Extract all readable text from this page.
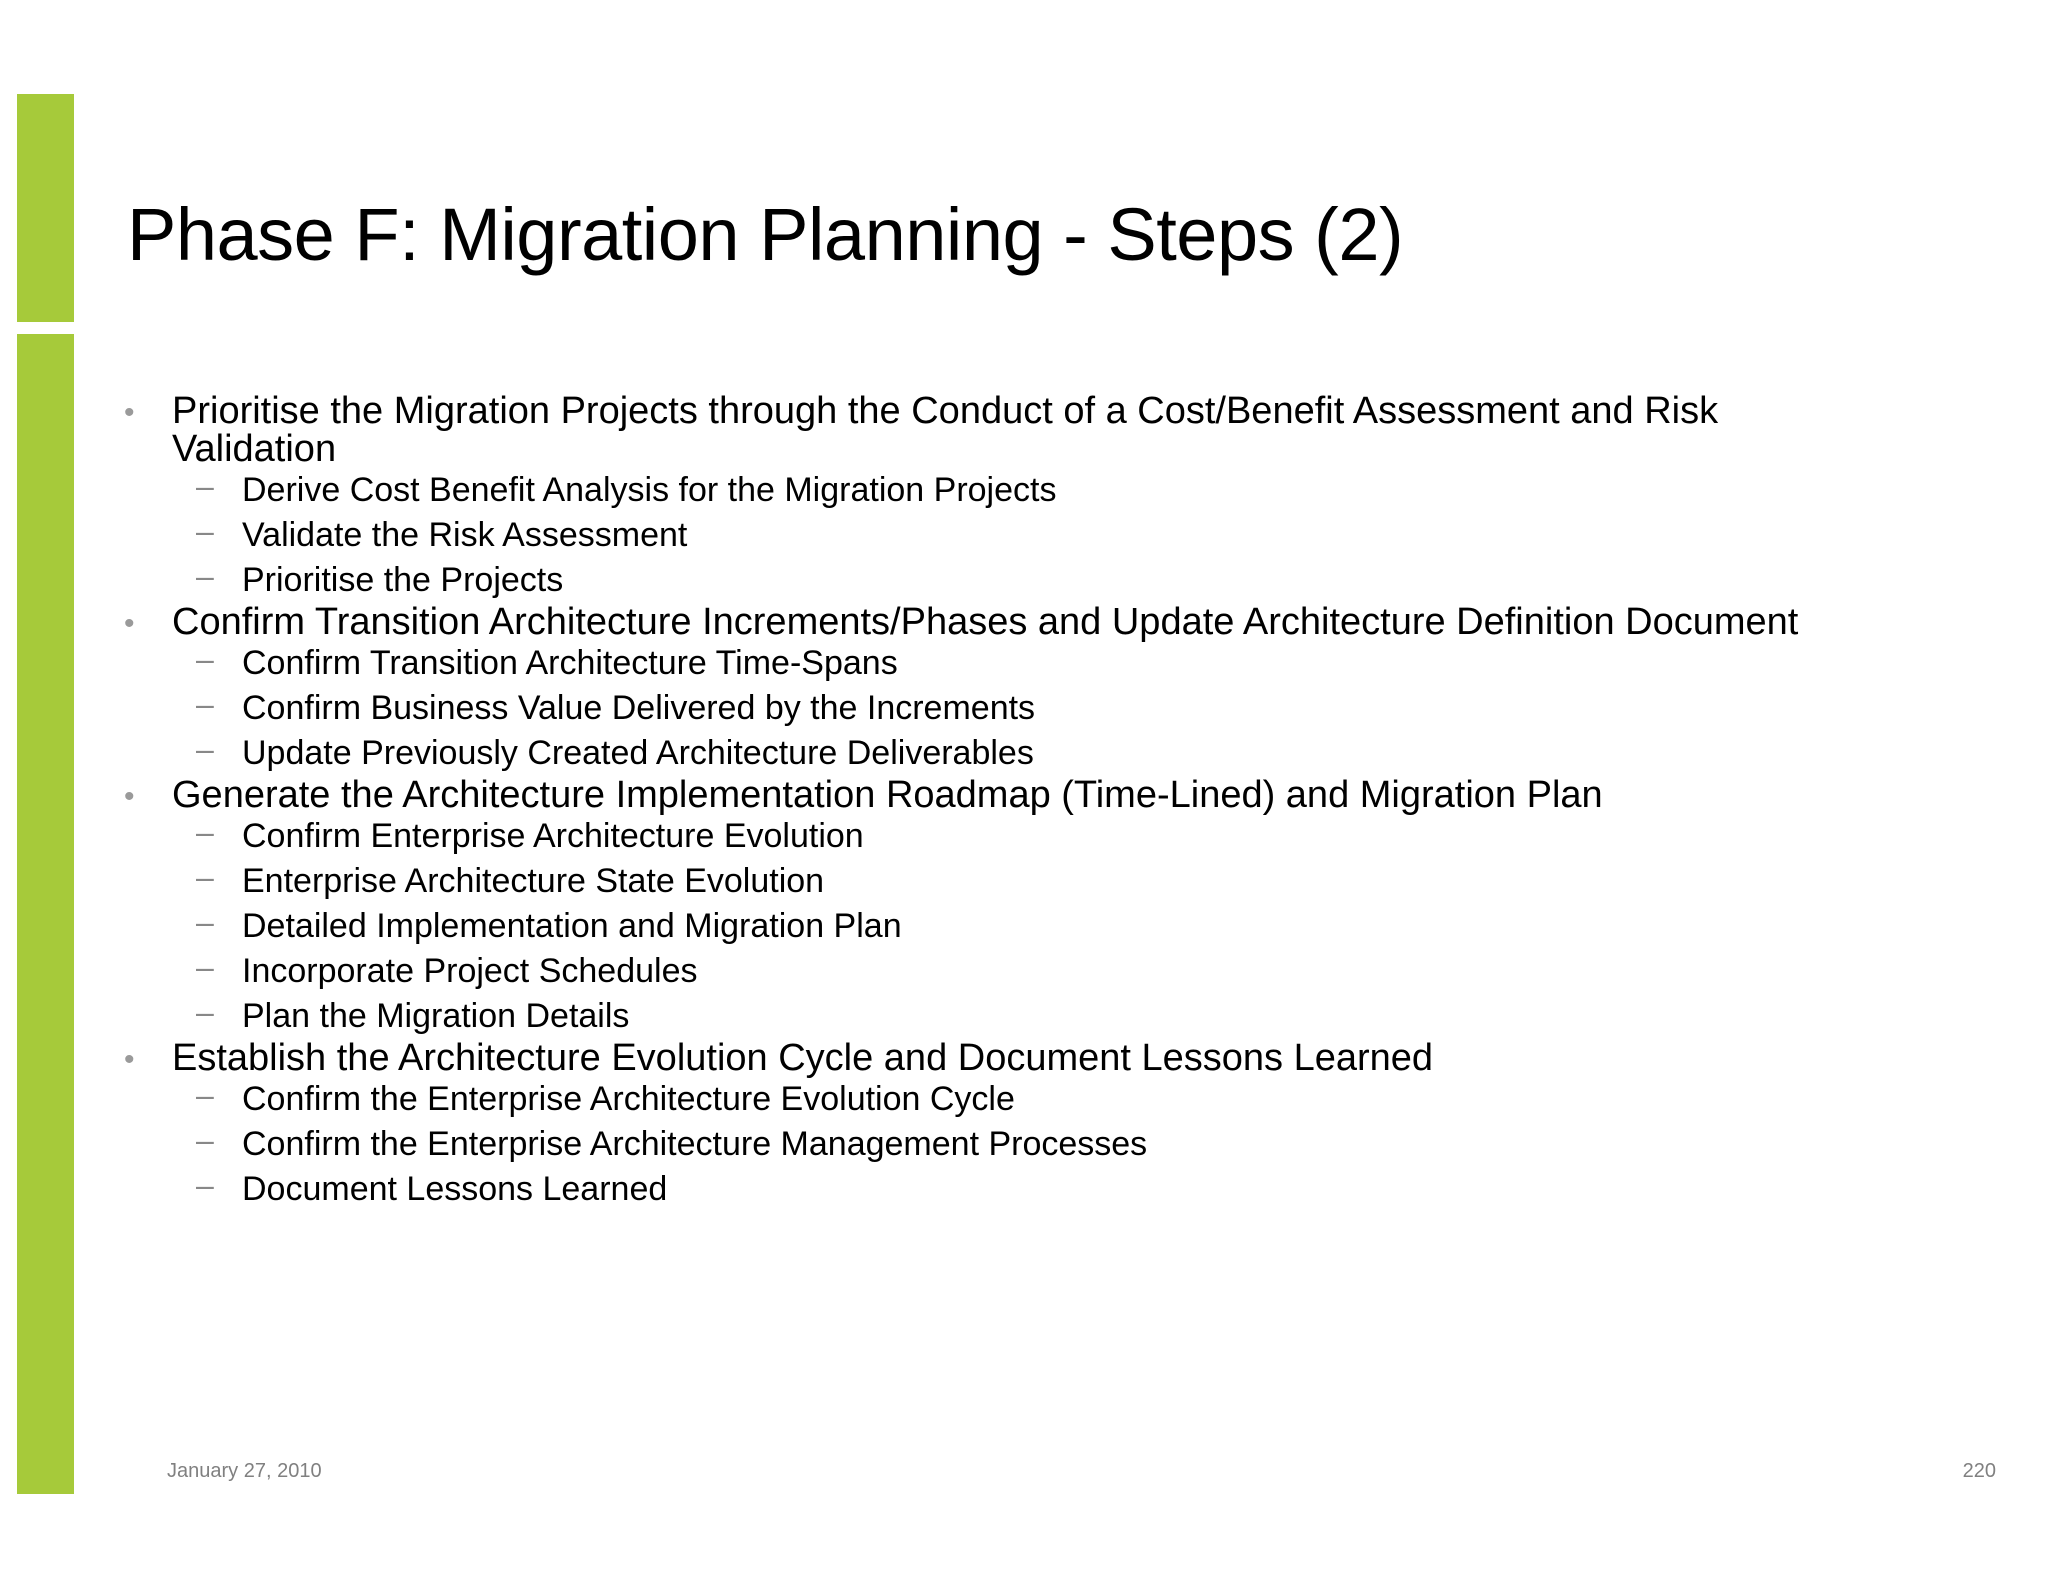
Phase F: Migration Planning - Steps (2)
• Prioritise the Migration Projects through the Conduct of a Cost/Benefit Assessment and Risk Validation
– Derive Cost Benefit Analysis for the Migration Projects
– Validate the Risk Assessment
– Prioritise the Projects
• Confirm Transition Architecture Increments/Phases and Update Architecture Definition Document
– Confirm Transition Architecture Time-Spans
– Confirm Business Value Delivered by the Increments
– Update Previously Created Architecture Deliverables
• Generate the Architecture Implementation Roadmap (Time-Lined) and Migration Plan
– Confirm Enterprise Architecture Evolution
– Enterprise Architecture State Evolution
– Detailed Implementation and Migration Plan
– Incorporate Project Schedules
– Plan the Migration Details
• Establish the Architecture Evolution Cycle and Document Lessons Learned
– Confirm the Enterprise Architecture Evolution Cycle
– Confirm the Enterprise Architecture Management Processes
– Document Lessons Learned
January 27, 2010	220
